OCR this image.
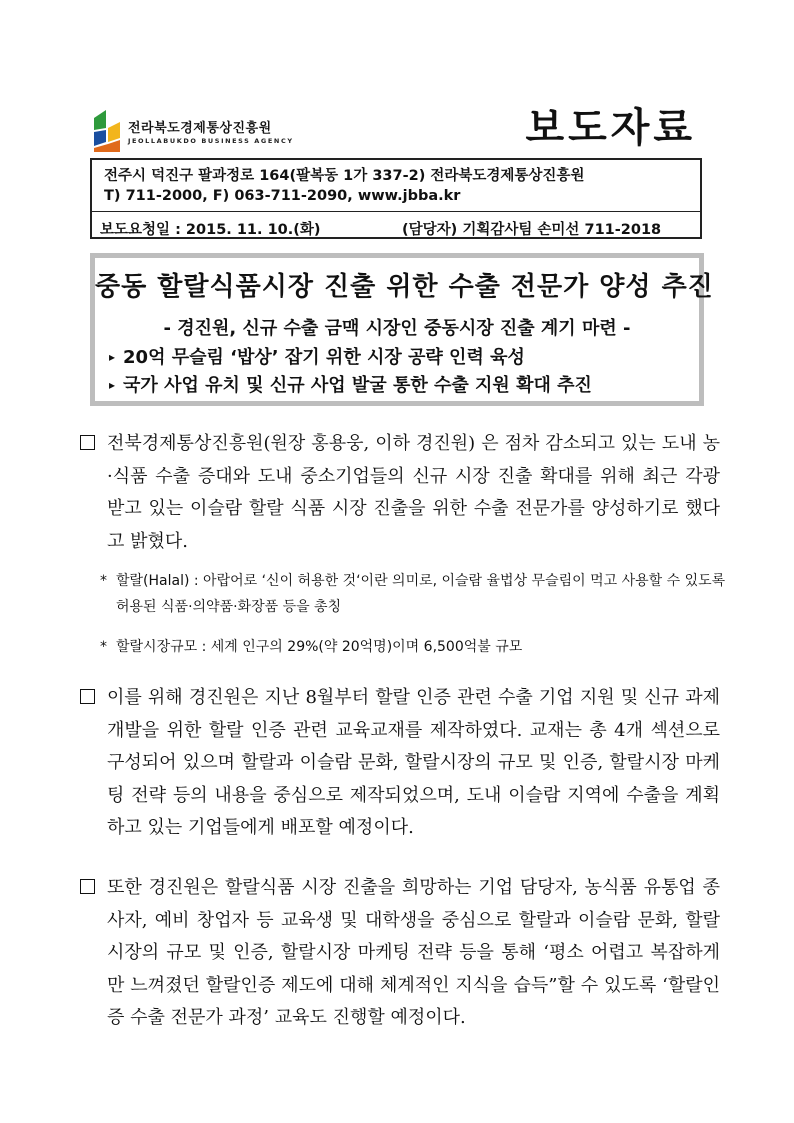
전라북도경제통상진흥원
JEOLLABUKDO BUSINESS AGENCY	보도자료
전주시 덕진구 팔과정로 164(팔복동 1가 337-2) 전라북도경제통상진흥원
T) 711-2000, F) 063-711-2090, www.jbba.kr
보도요청일 : 2015. 11. 10.(화)	(담당자) 기획감사팀 손미선 711-2018
중동 할랄식품시장 진출 위한 수출 전문가 양성 추진
- 경진원, 신규 수출 금맥 시장인 중동시장 진출 계기 마련 -
▸ 20억 무슬림 ‘밥상’ 잡기 위한 시장 공략 인력 육성
▸ 국가 사업 유치 및 신규 사업 발굴 통한 수출 지원 확대 추진
전북경제통상진흥원(원장 홍용웅, 이하 경진원) 은 점차 감소되고 있는 도내 농·식품 수출 증대와 도내 중소기업들의 신규 시장 진출 확대를 위해 최근 각광 받고 있는 이슬람 할랄 식품 시장 진출을 위한 수출 전문가를 양성하기로 했다고 밝혔다.
* 할랄(Halal) : 아랍어로 ‘신이 허용한 것‘이란 의미로, 이슬람 율법상 무슬림이 먹고 사용할 수 있도록 허용된 식품·의약품·화장품 등을 총칭
* 할랄시장규모 : 세계 인구의 29%(약 20억명)이며 6,500억불 규모
이를 위해 경진원은 지난 8월부터 할랄 인증 관련 수출 기업 지원 및 신규 과제 개발을 위한 할랄 인증 관련 교육교재를 제작하였다. 교재는 총 4개 섹션으로 구성되어 있으며 할랄과 이슬람 문화, 할랄시장의 규모 및 인증, 할랄시장 마케팅 전략 등의 내용을 중심으로 제작되었으며, 도내 이슬람 지역에 수출을 계획하고 있는 기업들에게 배포할 예정이다.
또한 경진원은 할랄식품 시장 진출을 희망하는 기업 담당자, 농식품 유통업 종사자, 예비 창업자 등 교육생 및 대학생을 중심으로 할랄과 이슬람 문화, 할랄시장의 규모 및 인증, 할랄시장 마케팅 전략 등을 통해 ‘평소 어렵고 복잡하게만 느껴졌던 할랄인증 제도에 대해 체계적인 지식을 습득”할 수 있도록 ‘할랄인증 수출 전문가 과정’ 교육도 진행할 예정이다.
